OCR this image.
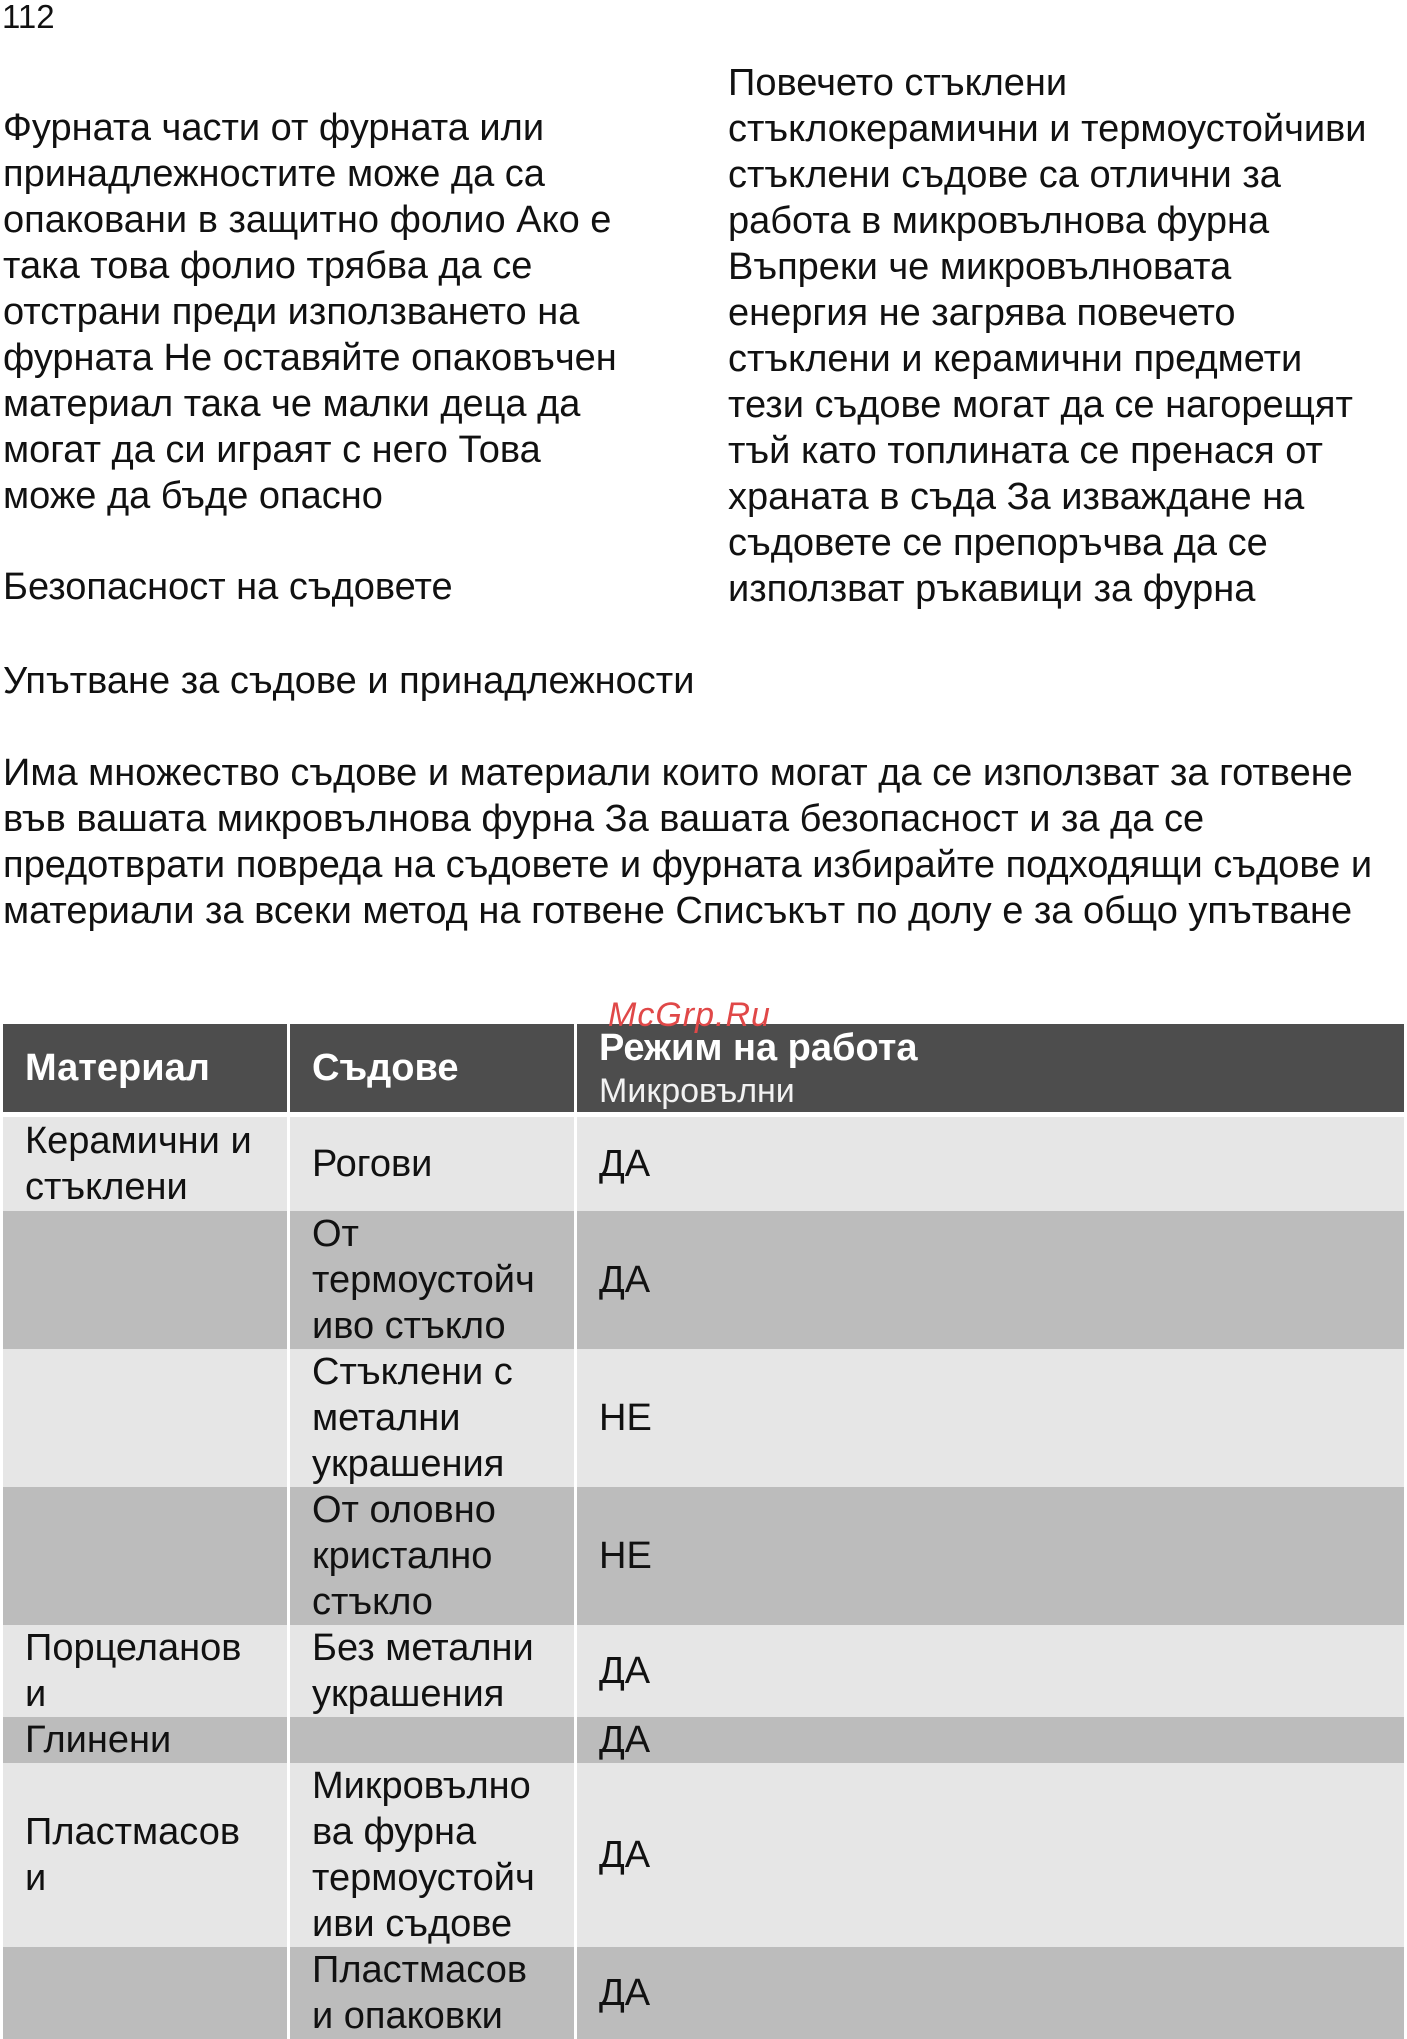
112
Фурната части от фурната или
принадлежностите може да са
опаковани в защитно фолио Ако е
така това фолио трябва да се
отстрани преди използването на
фурната Не оставяйте опаковъчен
материал така че малки деца да
могат да си играят с него Това
може да бъде опасно
Повечето стъклени
стъклокерамични и термоустойчиви
стъклени съдове са отлични за
работа в микровълнова фурна
Въпреки че микровълновата
енергия не загрява повечето
стъклени и керамични предмети
тези съдове могат да се нагорещят
тъй като топлината се пренася от
храната в съда За изваждане на
съдовете се препоръчва да се
използват ръкавици за фурна
Безопасност на съдовете
Упътване за съдове и принадлежности
Има множество съдове и материали които могат да се използват за готвене във вашата микровълнова фурна За вашата безопасност и за да се предотврати повреда на съдовете и фурната избирайте подходящи съдове и материали за всеки метод на готвене Списъкът по долу е за общо упътване
McGrp.Ru
Материал	Съдове	Режим на работа
Микровълни

Керамични и стъклени	Рогови	ДА
	От термоустойч иво стъкло	ДА
	Стъклени с метални украшения	НЕ
	От оловно кристално стъкло	НЕ
Порцеланов и	Без метални украшения	ДА
Глинени		ДА
Пластмасов и	Микровълно ва фурна термоустойч иви съдове	ДА
	Пластмасов и опаковки	ДА
